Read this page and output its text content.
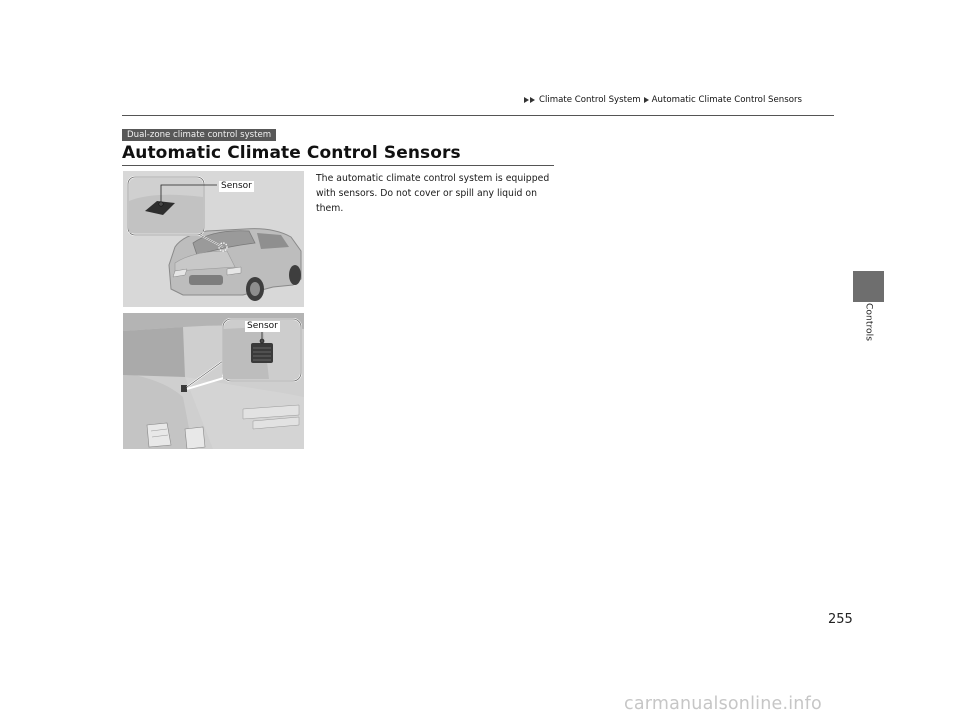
Climate Control System Automatic Climate Control Sensors
Dual-zone climate control system
Automatic Climate Control Sensors
The automatic climate control system is equipped with sensors. Do not cover or spill any liquid on them.
Sensor
Sensor	Controls
255
carmanualsonline.info
